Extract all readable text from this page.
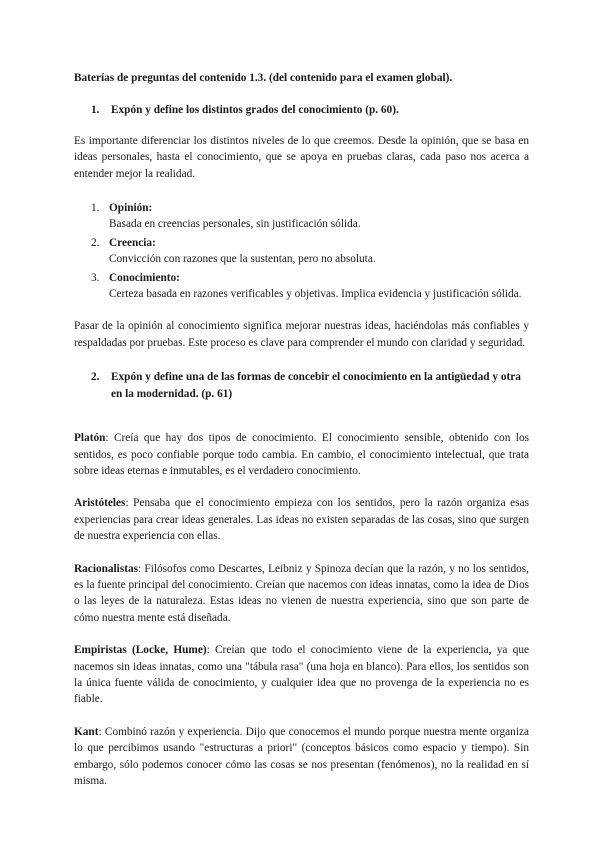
Baterías de preguntas del contenido 1.3. (del contenido para el examen global).
1.	Expón y define los distintos grados del conocimiento (p. 60).

Es importante diferenciar los distintos niveles de lo que creemos. Desde la opinión, que se basa en ideas personales, hasta el conocimiento, que se apoya en pruebas claras, cada paso nos acerca a entender mejor la realidad.

1. Opinión:
Basada en creencias personales, sin justificación sólida.
2. Creencia:
Convicción con razones que la sustentan, pero no absoluta.
3. Conocimiento:
Certeza basada en razones verificables y objetivas. Implica evidencia y justificación sólida.

Pasar de la opinión al conocimiento significa mejorar nuestras ideas, haciéndolas más confiables y respaldadas por pruebas. Este proceso es clave para comprender el mundo con claridad y seguridad.

2.	Expón y define una de las formas de concebir el conocimiento en la antigüedad y otra en la modernidad. (p. 61)

Platón: Creía que hay dos tipos de conocimiento. El conocimiento sensible, obtenido con los sentidos, es poco confiable porque todo cambia. En cambio, el conocimiento intelectual, que trata sobre ideas eternas e inmutables, es el verdadero conocimiento.

Aristóteles: Pensaba que el conocimiento empieza con los sentidos, pero la razón organiza esas experiencias para crear ideas generales. Las ideas no existen separadas de las cosas, sino que surgen de nuestra experiencia con ellas.

Racionalistas: Filósofos como Descartes, Leibniz y Spinoza decían que la razón, y no los sentidos, es la fuente principal del conocimiento. Creían que nacemos con ideas innatas, como la idea de Dios o las leyes de la naturaleza. Estas ideas no vienen de nuestra experiencia, sino que son parte de cómo nuestra mente está diseñada.

Empiristas (Locke, Hume): Creían que todo el conocimiento viene de la experiencia, ya que nacemos sin ideas innatas, como una "tábula rasa" (una hoja en blanco). Para ellos, los sentidos son la única fuente válida de conocimiento, y cualquier idea que no provenga de la experiencia no es fiable.

Kant: Combinó razón y experiencia. Dijo que conocemos el mundo porque nuestra mente organiza lo que percibimos usando "estructuras a priori" (conceptos básicos como espacio y tiempo). Sin embargo, sólo podemos conocer cómo las cosas se nos presentan (fenómenos), no la realidad en sí misma.
